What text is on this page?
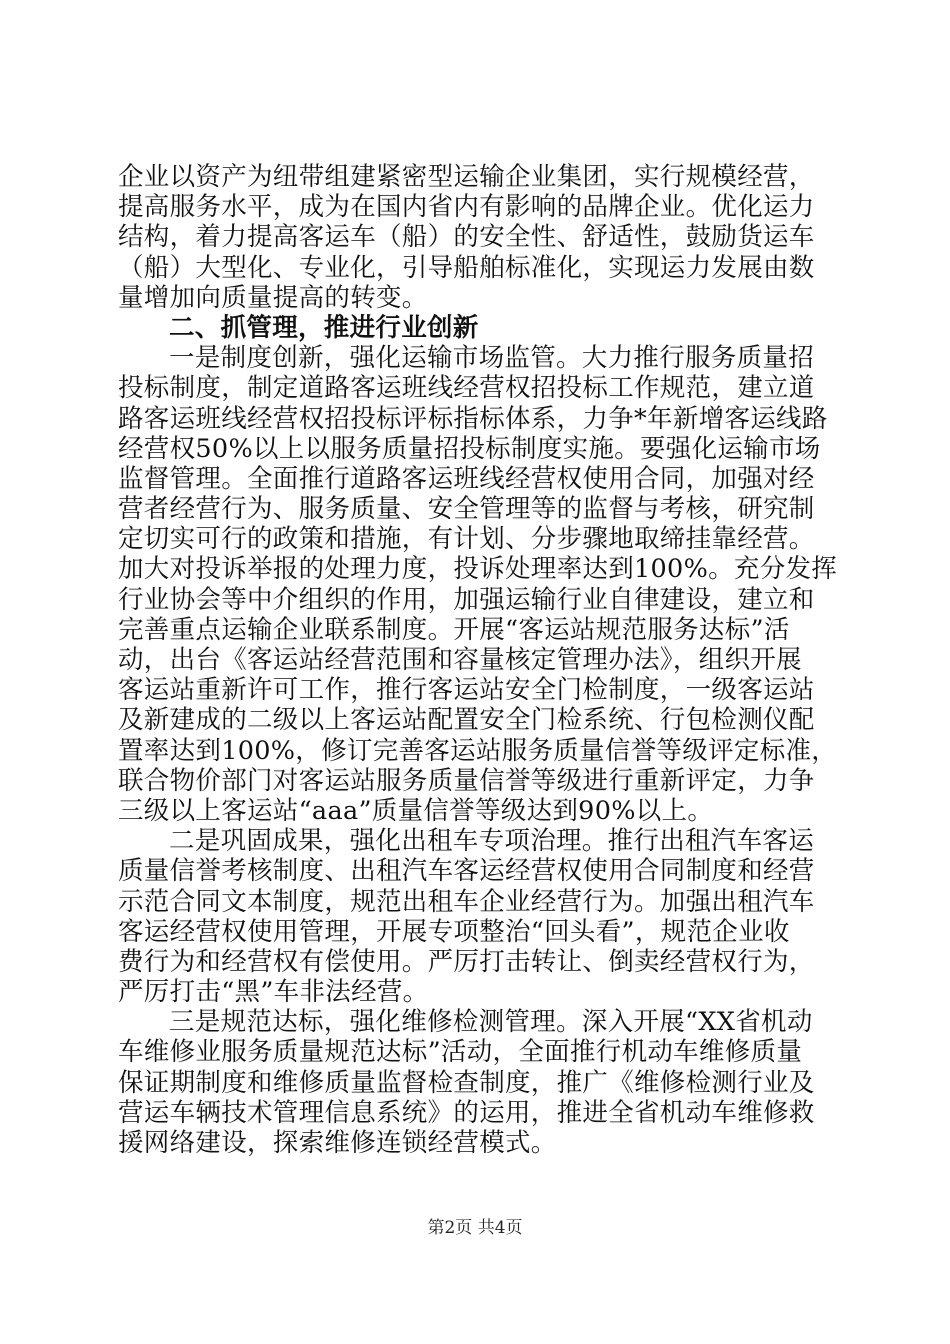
企业以资产为纽带组建紧密型运输企业集团，实行规模经营，
提高服务水平，成为在国内省内有影响的品牌企业。优化运力
结构，着力提高客运车（船）的安全性、舒适性，鼓励货运车
（船）大型化、专业化，引导船舶标准化，实现运力发展由数
量增加向质量提高的转变。
二、抓管理，推进行业创新
一是制度创新，强化运输市场监管。大力推行服务质量招
投标制度，制定道路客运班线经营权招投标工作规范，建立道
路客运班线经营权招投标评标指标体系，力争*年新增客运线路
经营权50%以上以服务质量招投标制度实施。要强化运输市场
监督管理。全面推行道路客运班线经营权使用合同，加强对经
营者经营行为、服务质量、安全管理等的监督与考核，研究制
定切实可行的政策和措施，有计划、分步骤地取缔挂靠经营。
加大对投诉举报的处理力度，投诉处理率达到100%。充分发挥
行业协会等中介组织的作用，加强运输行业自律建设，建立和
完善重点运输企业联系制度。开展“客运站规范服务达标”活
动，出台《客运站经营范围和容量核定管理办法》，组织开展
客运站重新许可工作，推行客运站安全门检制度，一级客运站
及新建成的二级以上客运站配置安全门检系统、行包检测仪配
置率达到100%，修订完善客运站服务质量信誉等级评定标准，
联合物价部门对客运站服务质量信誉等级进行重新评定，力争
三级以上客运站“aaa”质量信誉等级达到90%以上。
二是巩固成果，强化出租车专项治理。推行出租汽车客运
质量信誉考核制度、出租汽车客运经营权使用合同制度和经营
示范合同文本制度，规范出租车企业经营行为。加强出租汽车
客运经营权使用管理，开展专项整治“回头看”，规范企业收
费行为和经营权有偿使用。严厉打击转让、倒卖经营权行为，
严厉打击“黑”车非法经营。
三是规范达标，强化维修检测管理。深入开展“XX省机动
车维修业服务质量规范达标”活动，全面推行机动车维修质量
保证期制度和维修质量监督检查制度，推广《维修检测行业及
营运车辆技术管理信息系统》的运用，推进全省机动车维修救
援网络建设，探索维修连锁经营模式。
第2页 共4页
